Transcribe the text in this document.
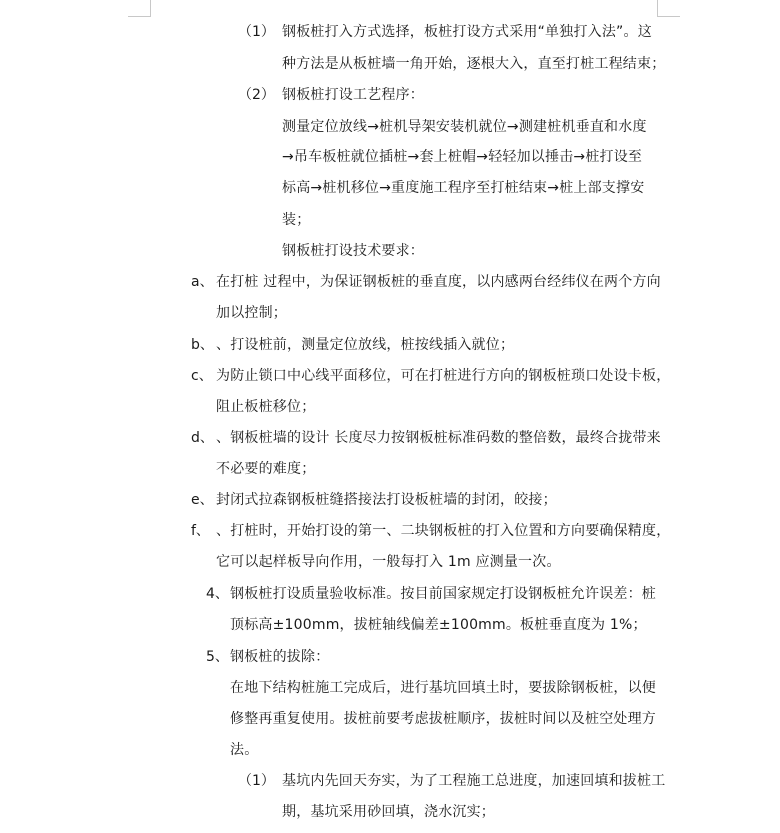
（1） 钢板桩打入方式选择，板桩打设方式采用“单独打入法”。这
种方法是从板桩墙一角开始，逐根大入，直至打桩工程结束；
（2） 钢板桩打设工艺程序：
测量定位放线→桩机导架安装机就位→测建桩机垂直和水度
→吊车板桩就位插桩→套上桩帽→轻轻加以捶击→桩打设至
标高→桩机移位→重度施工程序至打桩结束→桩上部支撑安
装；
钢板桩打设技术要求：
a、 在打桩 过程中，为保证钢板桩的垂直度，以内感两台经纬仪在两个方向
加以控制；
b、 、打设桩前，测量定位放线，桩按线插入就位；
c、 为防止锁口中心线平面移位，可在打桩进行方向的钢板桩琐口处设卡板，
阻止板桩移位；
d、 、钢板桩墙的设计 长度尽力按钢板桩标准码数的整倍数，最终合拢带来
不必要的难度；
e、 封闭式拉森钢板桩缝搭接法打设板桩墙的封闭，皎接；
f、 、打桩时，开始打设的第一、二块钢板桩的打入位置和方向要确保精度，
它可以起样板导向作用，一般每打入 1m 应测量一次。
4、 钢板桩打设质量验收标准。按目前国家规定打设钢板桩允许误差：桩
顶标高±100mm，拔桩轴线偏差±100mm。板桩垂直度为 1%；
5、 钢板桩的拔除：
在地下结构桩施工完成后，进行基坑回填土时，要拔除钢板桩，以便
修整再重复使用。拔桩前要考虑拔桩顺序，拔桩时间以及桩空处理方
法。
（1） 基坑内先回天夯实，为了工程施工总进度，加速回填和拔桩工
期，基坑采用砂回填，浇水沉实；
